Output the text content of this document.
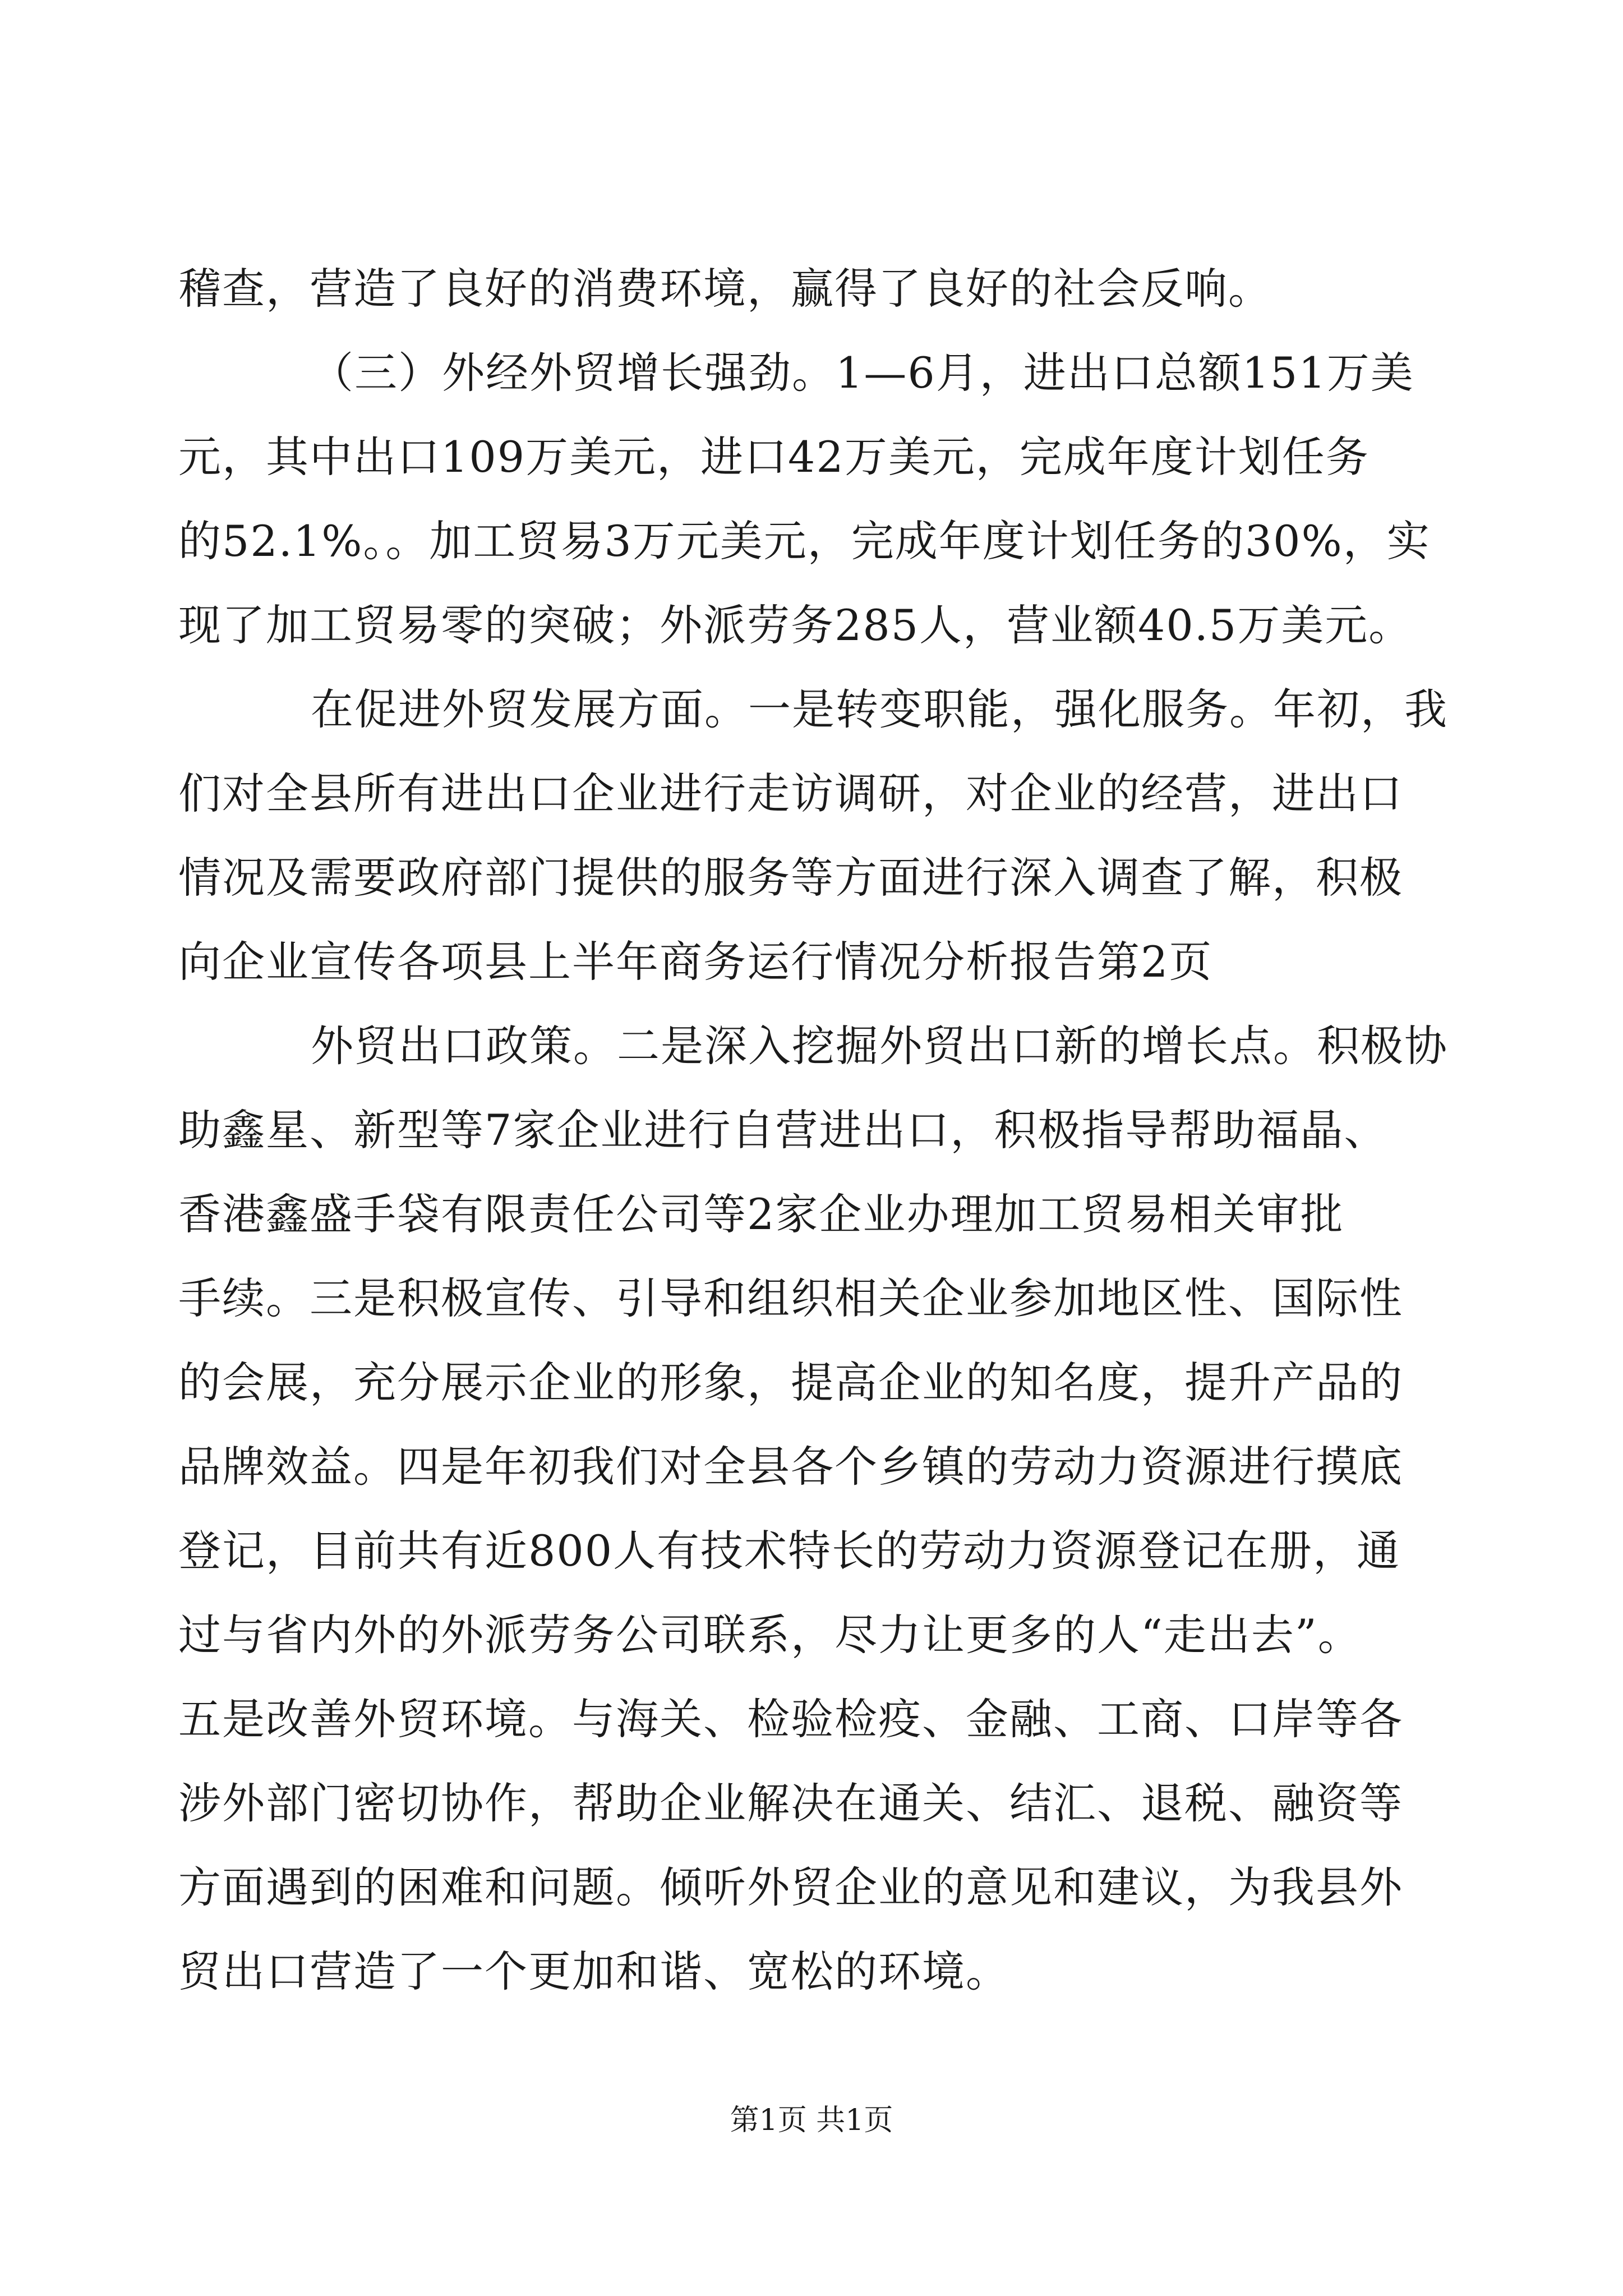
稽查，营造了良好的消费环境，赢得了良好的社会反响。
（三）外经外贸增长强劲。1—6月，进出口总额151万美
元，其中出口109万美元，进口42万美元，完成年度计划任务
的52.1%。。加工贸易3万元美元，完成年度计划任务的30%，实
现了加工贸易零的突破；外派劳务285人，营业额40.5万美元。
在促进外贸发展方面。一是转变职能，强化服务。年初，我
们对全县所有进出口企业进行走访调研，对企业的经营，进出口
情况及需要政府部门提供的服务等方面进行深入调查了解，积极
向企业宣传各项县上半年商务运行情况分析报告第2页
外贸出口政策。二是深入挖掘外贸出口新的增长点。积极协
助鑫星、新型等7家企业进行自营进出口，积极指导帮助福晶、
香港鑫盛手袋有限责任公司等2家企业办理加工贸易相关审批
手续。三是积极宣传、引导和组织相关企业参加地区性、国际性
的会展，充分展示企业的形象，提高企业的知名度，提升产品的
品牌效益。四是年初我们对全县各个乡镇的劳动力资源进行摸底
登记，目前共有近800人有技术特长的劳动力资源登记在册，通
过与省内外的外派劳务公司联系，尽力让更多的人“走出去”。
五是改善外贸环境。与海关、检验检疫、金融、工商、口岸等各
涉外部门密切协作，帮助企业解决在通关、结汇、退税、融资等
方面遇到的困难和问题。倾听外贸企业的意见和建议，为我县外
贸出口营造了一个更加和谐、宽松的环境。
第1页 共1页
